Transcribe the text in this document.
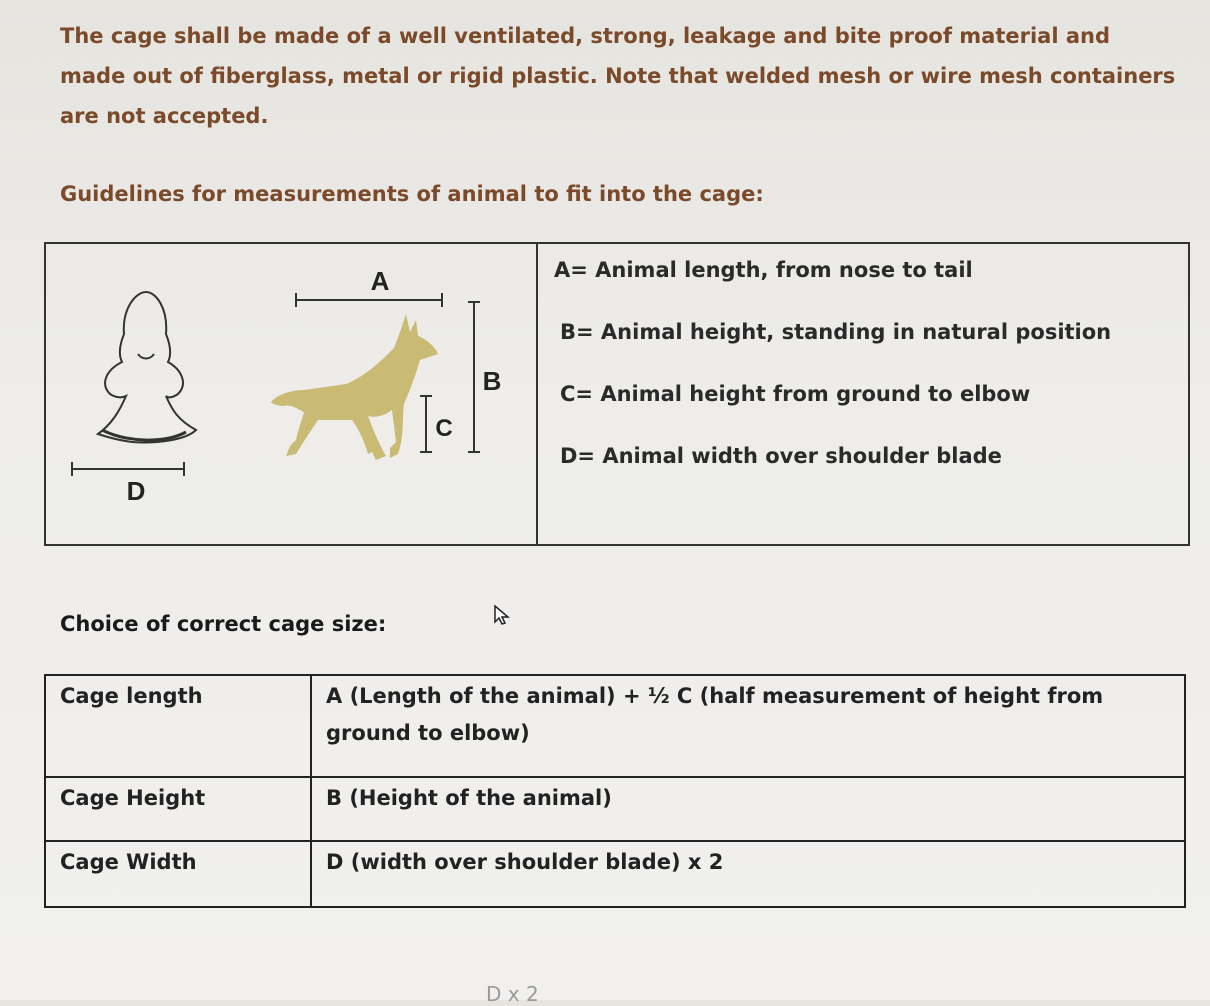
The cage shall be made of a well ventilated, strong, leakage and bite proof material and made out of fiberglass, metal or rigid plastic. Note that welded mesh or wire mesh containers are not accepted.
Guidelines for measurements of animal to fit into the cage:
D
A
C
B
A= Animal length, from nose to tail
B= Animal height, standing in natural position
C= Animal height from ground to elbow
D= Animal width over shoulder blade
Choice of correct cage size:
Cage length	A (Length of the animal) + ½ C (half measurement of height from ground to elbow)
Cage Height	B (Height of the animal)
Cage Width	D (width over shoulder blade) x 2
D x 2
